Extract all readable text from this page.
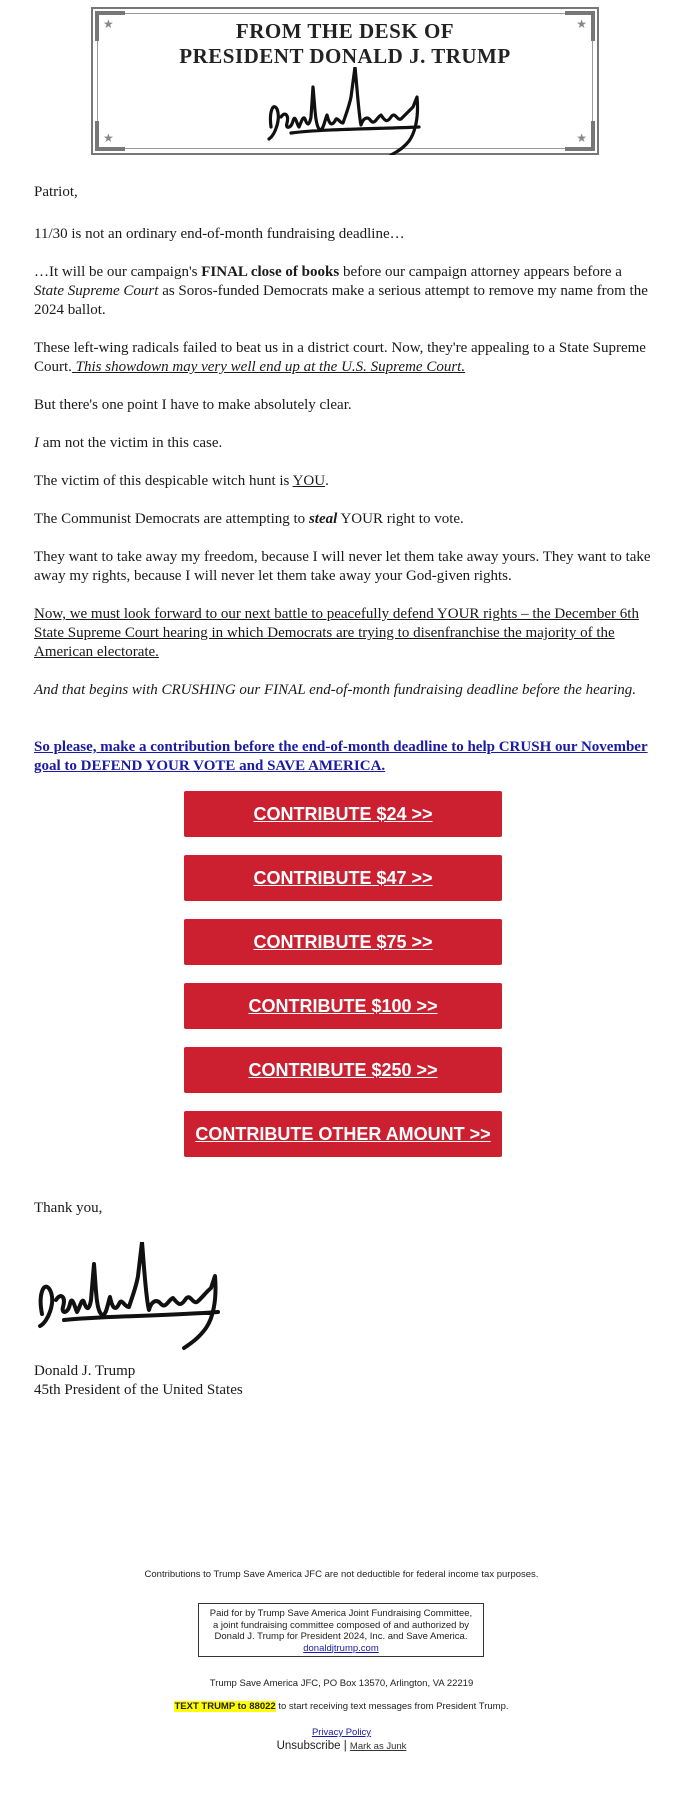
★	★
★	★
FROM THE DESK OF
PRESIDENT DONALD J. TRUMP

Patriot,

11/30 is not an ordinary end-of-month fundraising deadline…

…It will be our campaign's FINAL close of books before our campaign attorney appears before a State Supreme Court as Soros-funded Democrats make a serious attempt to remove my name from the 2024 ballot.

These left-wing radicals failed to beat us in a district court. Now, they're appealing to a State Supreme Court. This showdown may very well end up at the U.S. Supreme Court.

But there's one point I have to make absolutely clear.

I am not the victim in this case.

The victim of this despicable witch hunt is YOU.

The Communist Democrats are attempting to steal YOUR right to vote.

They want to take away my freedom, because I will never let them take away yours. They want to take away my rights, because I will never let them take away your God-given rights.

Now, we must look forward to our next battle to peacefully defend YOUR rights – the December 6th State Supreme Court hearing in which Democrats are trying to disenfranchise the majority of the American electorate.

And that begins with CRUSHING our FINAL end-of-month fundraising deadline before the hearing.

So please, make a contribution before the end-of-month deadline to help CRUSH our November goal to DEFEND YOUR VOTE and SAVE AMERICA.

CONTRIBUTE $24 >>
CONTRIBUTE $47 >>
CONTRIBUTE $75 >>
CONTRIBUTE $100 >>
CONTRIBUTE $250 >>
CONTRIBUTE OTHER AMOUNT >>

Thank you,

Donald J. Trump

45th President of the United States

Contributions to Trump Save America JFC are not deductible for federal income tax purposes.
Paid for by Trump Save America Joint Fundraising Committee,
a joint fundraising committee composed of and authorized by
Donald J. Trump for President 2024, Inc. and Save America.
donaldjtrump.com
Trump Save America JFC, PO Box 13570, Arlington, VA 22219
TEXT TRUMP to 88022 to start receiving text messages from President Trump.
Privacy Policy
Unsubscribe | Mark as Junk
